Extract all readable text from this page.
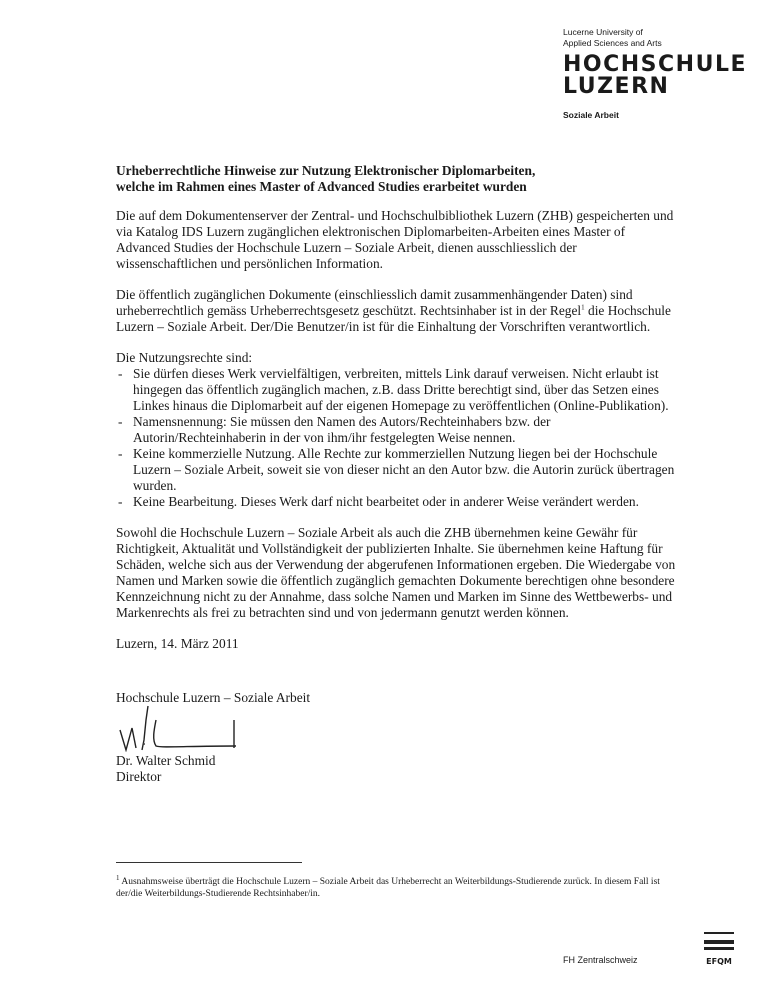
Lucerne University of
Applied Sciences and Arts
HOCHSCHULE
LUZERN
Soziale Arbeit
Urheberrechtliche Hinweise zur Nutzung Elektronischer Diplomarbeiten,
welche im Rahmen eines Master of Advanced Studies erarbeitet wurden

Die auf dem Dokumentenserver der Zentral- und Hochschulbibliothek Luzern (ZHB) gespeicherten und via Katalog IDS Luzern zugänglichen elektronischen Diplomarbeiten-Arbeiten eines Master of Advanced Studies der Hochschule Luzern – Soziale Arbeit, dienen ausschliesslich der wissenschaftlichen und persönlichen Information.

Die öffentlich zugänglichen Dokumente (einschliesslich damit zusammenhängender Daten) sind urheberrechtlich gemäss Urheberrechtsgesetz geschützt. Rechtsinhaber ist in der Regel$^1$ die Hochschule Luzern – Soziale Arbeit. Der/Die Benutzer/in ist für die Einhaltung der Vorschriften verantwortlich.

Die Nutzungsrechte sind:

- Sie dürfen dieses Werk vervielfältigen, verbreiten, mittels Link darauf verweisen. Nicht erlaubt ist hingegen das öffentlich zugänglich machen, z.B. dass Dritte berechtigt sind, über das Setzen eines Linkes hinaus die Diplomarbeit auf der eigenen Homepage zu veröffentlichen (Online-Publikation).
- Namensnennung: Sie müssen den Namen des Autors/Rechteinhabers bzw. der Autorin/Rechteinhaberin in der von ihm/ihr festgelegten Weise nennen.
- Keine kommerzielle Nutzung. Alle Rechte zur kommerziellen Nutzung liegen bei der Hochschule Luzern – Soziale Arbeit, soweit sie von dieser nicht an den Autor bzw. die Autorin zurück übertragen wurden.
- Keine Bearbeitung. Dieses Werk darf nicht bearbeitet oder in anderer Weise verändert werden.

Sowohl die Hochschule Luzern – Soziale Arbeit als auch die ZHB übernehmen keine Gewähr für Richtigkeit, Aktualität und Vollständigkeit der publizierten Inhalte. Sie übernehmen keine Haftung für Schäden, welche sich aus der Verwendung der abgerufenen Informationen ergeben. Die Wiedergabe von Namen und Marken sowie die öffentlich zugänglich gemachten Dokumente berechtigen ohne besondere Kennzeichnung nicht zu der Annahme, dass solche Namen und Marken im Sinne des Wettbewerbs- und Markenrechts als frei zu betrachten sind und von jedermann genutzt werden können.

Luzern, 14. März 2011

Hochschule Luzern – Soziale Arbeit
Dr. Walter Schmid
Direktor
$^1$ Ausnahmsweise überträgt die Hochschule Luzern – Soziale Arbeit das Urheberrecht an Weiterbildungs-Studierende zurück. In diesem Fall ist der/die Weiterbildungs-Studierende Rechtsinhaber/in.
FH Zentralschweiz	EFQM
